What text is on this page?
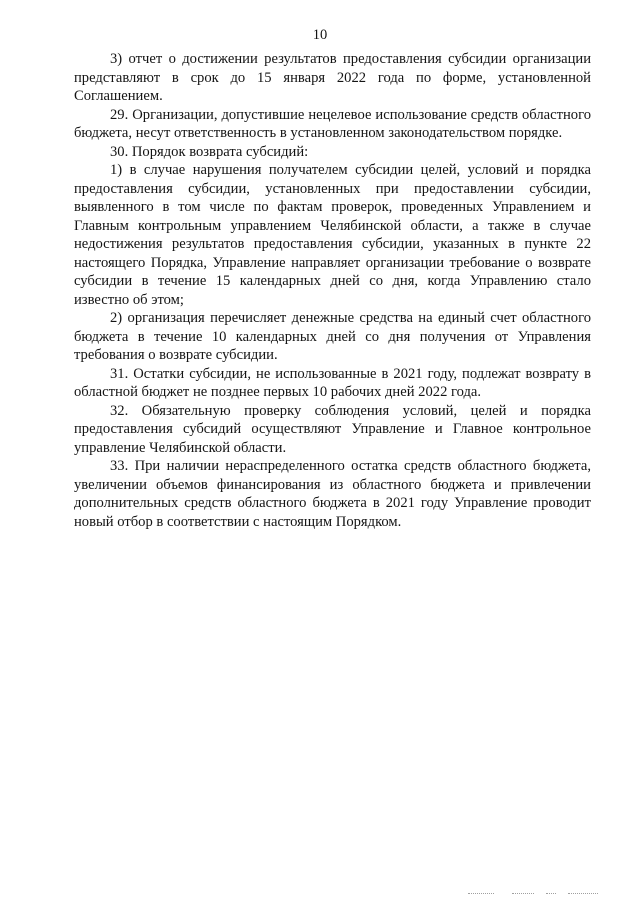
10

3) отчет о достижении результатов предоставления субсидии организации представляют в срок до 15 января 2022 года по форме, установленной Соглашением.

29. Организации, допустившие нецелевое использование средств областного бюджета, несут ответственность в установленном законодательством порядке.

30. Порядок возврата субсидий:

1) в случае нарушения получателем субсидии целей, условий и порядка предоставления субсидии, установленных при предоставлении субсидии, выявленного в том числе по фактам проверок, проведенных Управлением и Главным контрольным управлением Челябинской области, а также в случае недостижения результатов предоставления субсидии, указанных в пункте 22 настоящего Порядка, Управление направляет организации требование о возврате субсидии в течение 15 календарных дней со дня, когда Управлению стало известно об этом;

2) организация перечисляет денежные средства на единый счет областного бюджета в течение 10 календарных дней со дня получения от Управления требования о возврате субсидии.

31. Остатки субсидии, не использованные в 2021 году, подлежат возврату в областной бюджет не позднее первых 10 рабочих дней 2022 года.

32. Обязательную проверку соблюдения условий, целей и порядка предоставления субсидий осуществляют Управление и Главное контрольное управление Челябинской области.

33. При наличии нераспределенного остатка средств областного бюджета, увеличении объемов финансирования из областного бюджета и привлечении дополнительных средств областного бюджета в 2021 году Управление проводит новый отбор в соответствии с настоящим Порядком.
